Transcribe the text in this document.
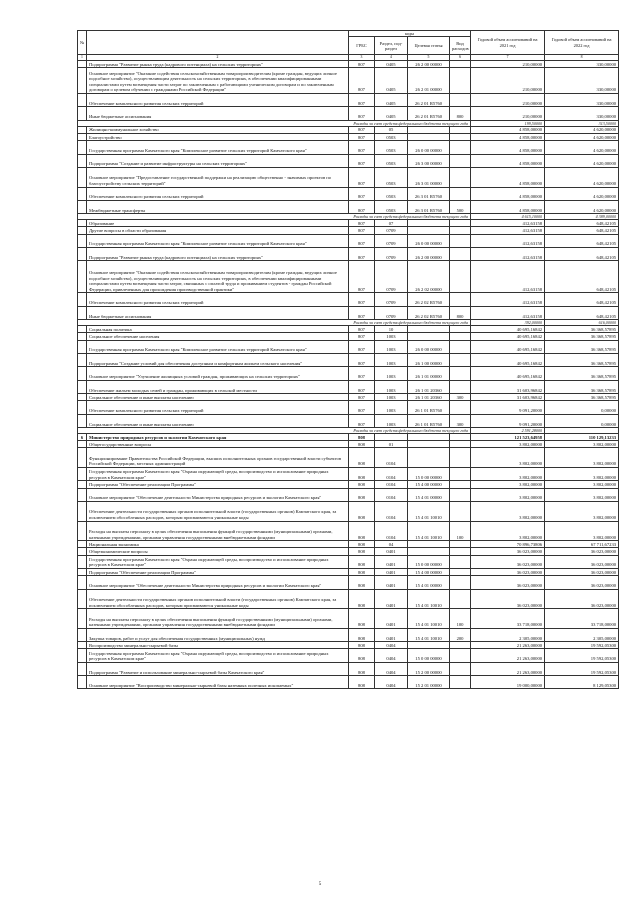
№		коды				Годовой объем ассигнований на 2021 год	Годовой объем ассигнований на 2022 год
		ГРБС	Раздел, под-раздел	Целевая статья	Вид расходов		
1	2	3	4	5	6	7	8
	Подпрограмма "Развитие рынка труда (кадрового потенциала) на сельских территориях"	807	0405	26 2 00 00000		210,00000	330,00000
	Основное мероприятие "Оказание содействия сельскохозяйственным товаропроизводителям (кроме граждан, ведущих личное подсобное хозяйство), осуществляющим деятельность на сельских территориях, в обеспечении квалифицированными специалистами путем возмещения части затрат по заключенным с работающими ученическим договорам и по заключенным договорам о целевом обучении с гражданами Российской Федерации"	807	0405	26 2 01 00000		210,00000	330,00000
	Обеспечение комплексного развития сельских территорий	807	0405	26 2 01 R5760		210,00000	330,00000
	Иные бюджетные ассигнования	807	0405	26 2 01 R5760	800	210,00000	330,00000
Расходы за счет средств федерального бюджета текущего года						199,50000	313,50000
	Жилищно-коммунальное хозяйство	807	05			4 858,00000	4 620,00000
	Благоустройство	807	0503			4 858,00000	4 620,00000
	Государственная программа Камчатского края "Комплексное развитие сельских территорий Камчатского края"	807	0503	26 0 00 00000		4 858,00000	4 620,00000
	Подпрограмма "Создание и развитие инфраструктуры на сельских территориях"	807	0503	26 3 00 00000		4 858,00000	4 620,00000
	Основное мероприятие "Предоставление государственной поддержки на реализацию общественно - значимых проектов по благоустройству сельских территорий"	807	0503	26 3 01 00000		4 858,00000	4 620,00000
	Обеспечение комплексного развития сельских территорий	807	0503	26 3 01 R5760		4 858,00000	4 620,00000
	Межбюджетные трансферты	807	0503	26 3 01 R5760	500	4 858,00000	4 620,00000
Расходы за счет средств федерального бюджета текущего года						4 615,10000	4 389,00000
	Образование	807	07			412,63158	648,42105
	Другие вопросы в области образования	807	0709			412,63158	648,42105
	Государственная программа Камчатского края "Комплексное развитие сельских территорий Камчатского края"	807	0709	26 0 00 00000		412,63158	648,42105
	Подпрограмма "Развитие рынка труда (кадрового потенциала) на сельских территориях"	807	0709	26 2 00 00000		412,63158	648,42105
	Основное мероприятие "Оказание содействия сельскохозяйственным товаропроизводителям (кроме граждан, ведущих личное подсобное хозяйство), осуществляющим деятельность на сельских территориях, в обеспечении квалифицированными специалистами путем возмещения части затрат, связанных с оплатой труда и проживанием студентов - граждан Российской Федерации, привлеченных для прохождения производственной практики"	807	0709	26 2 02 00000		412,63158	648,42105
	Обеспечение комплексного развития сельских территорий	807	0709	26 2 02 R5760		412,63158	648,42105
	Иные бюджетные ассигнования	807	0709	26 2 02 R5760	800	412,63158	648,42105
Расходы за счет средств федерального бюджета текущего года						392,00000	616,00000
	Социальная политика	807	10			40 695,16842	36 368,57895
	Социальное обеспечение населения	807	1003			40 695,16842	36 368,57895
	Государственная программа Камчатского края "Комплексное развитие сельских территорий Камчатского края"	807	1003	26 0 00 00000		40 695,16842	36 368,57895
	Подпрограмма "Создание условий для обеспечения доступным и комфортным жильем сельского населения"	807	1003	26 1 00 00000		40 695,16842	36 368,57895
	Основное мероприятие "Улучшение жилищных условий граждан, проживающих на сельских территориях"	807	1003	26 1 01 00000		40 695,16842	36 368,57895
	Обеспечение жильем молодых семей и граждан, проживающих в сельской местности	807	1003	26 1 01 20360		31 603,96842	36 368,57895
	Социальное обеспечение и иные выплаты населению	807	1003	26 1 01 20360	300	31 603,96842	36 368,57895
	Обеспечение комплексного развития сельских территорий	807	1003	26 1 01 R5760		9 091,20000	0,00000
	Социальное обеспечение и иные выплаты населению	807	1003	26 1 01 R5760	300	9 091,20000	0,00000
Расходы за счет средств федерального бюджета текущего года						2 591,28000	
6	Министерство природных ресурсов и экологии Камчатского края	808				121 523,64958	110 129,13233
	Общегосударственные вопросы	808	01			3 802,00000	3 802,00000
	Функционирование Правительства Российской Федерации, высших исполнительных органов государственной власти субъектов Российской Федерации, местных администраций	808	0104			3 802,00000	3 802,00000
	Государственная программа Камчатского края "Охрана окружающей среды, воспроизводство и использование природных ресурсов в Камчатском крае"	808	0104	15 0 00 00000		3 802,00000	3 802,00000
	Подпрограмма "Обеспечение реализации Программы"	808	0104	15 4 00 00000		3 802,00000	3 802,00000
	Основное мероприятие "Обеспечение деятельности Министерства природных ресурсов и экологии Камчатского края"	808	0104	15 4 01 00000		3 802,00000	3 802,00000
	Обеспечение деятельности государственных органов исполнительной власти (государственных органов) Камчатского края, за исключением обособленных расходов, которым присваиваются уникальные коды	808	0104	15 4 01 10010		3 802,00000	3 802,00000
	Расходы на выплаты персоналу в целях обеспечения выполнения функций государственными (муниципальными) органами, казенными учреждениями, органами управления государственными внебюджетными фондами	808	0104	15 4 01 10010	100	3 802,00000	3 802,00000
	Национальная экономика	808	04			70 896,73806	67 711,67233
	Общеэкономические вопросы	808	0401			36 023,00000	36 023,00000
	Государственная программа Камчатского края "Охрана окружающей среды, воспроизводство и использование природных ресурсов в Камчатском крае"	808	0401	15 0 00 00000		36 023,00000	36 023,00000
	Подпрограмма "Обеспечение реализации Программы"	808	0401	15 4 00 00000		36 023,00000	36 023,00000
	Основное мероприятие "Обеспечение деятельности Министерства природных ресурсов и экологии Камчатского края"	808	0401	15 4 01 00000		36 023,00000	36 023,00000
	Обеспечение деятельности государственных органов исполнительной власти (государственных органов) Камчатского края, за исключением обособленных расходов, которым присваиваются уникальные коды	808	0401	15 4 01 10010		36 023,00000	36 023,00000
	Расходы на выплаты персоналу в целях обеспечения выполнения функций государственными (муниципальными) органами, казенными учреждениями, органами управления государственными внебюджетными фондами	808	0401	15 4 01 10010	100	33 718,00000	33 718,00000
	Закупка товаров, работ и услуг для обеспечения государственных (муниципальных) нужд	808	0401	15 4 01 10010	200	2 305,00000	2 305,00000
	Воспроизводство минерально-сырьевой базы	808	0404			21 263,00000	19 592,05300
	Государственная программа Камчатского края "Охрана окружающей среды, воспроизводство и использование природных ресурсов в Камчатском крае"	808	0404	15 0 00 00000		21 263,00000	19 592,05300
	Подпрограмма "Развитие и использование минерально-сырьевой базы Камчатского края"	808	0404	15 2 00 00000		21 263,00000	19 592,05300
	Основное мероприятие "Воспроизводство минерально-сырьевой базы наземных полезных ископаемых"	808	0404	15 2 01 00000		19 000,00000	8 129,05300
5
